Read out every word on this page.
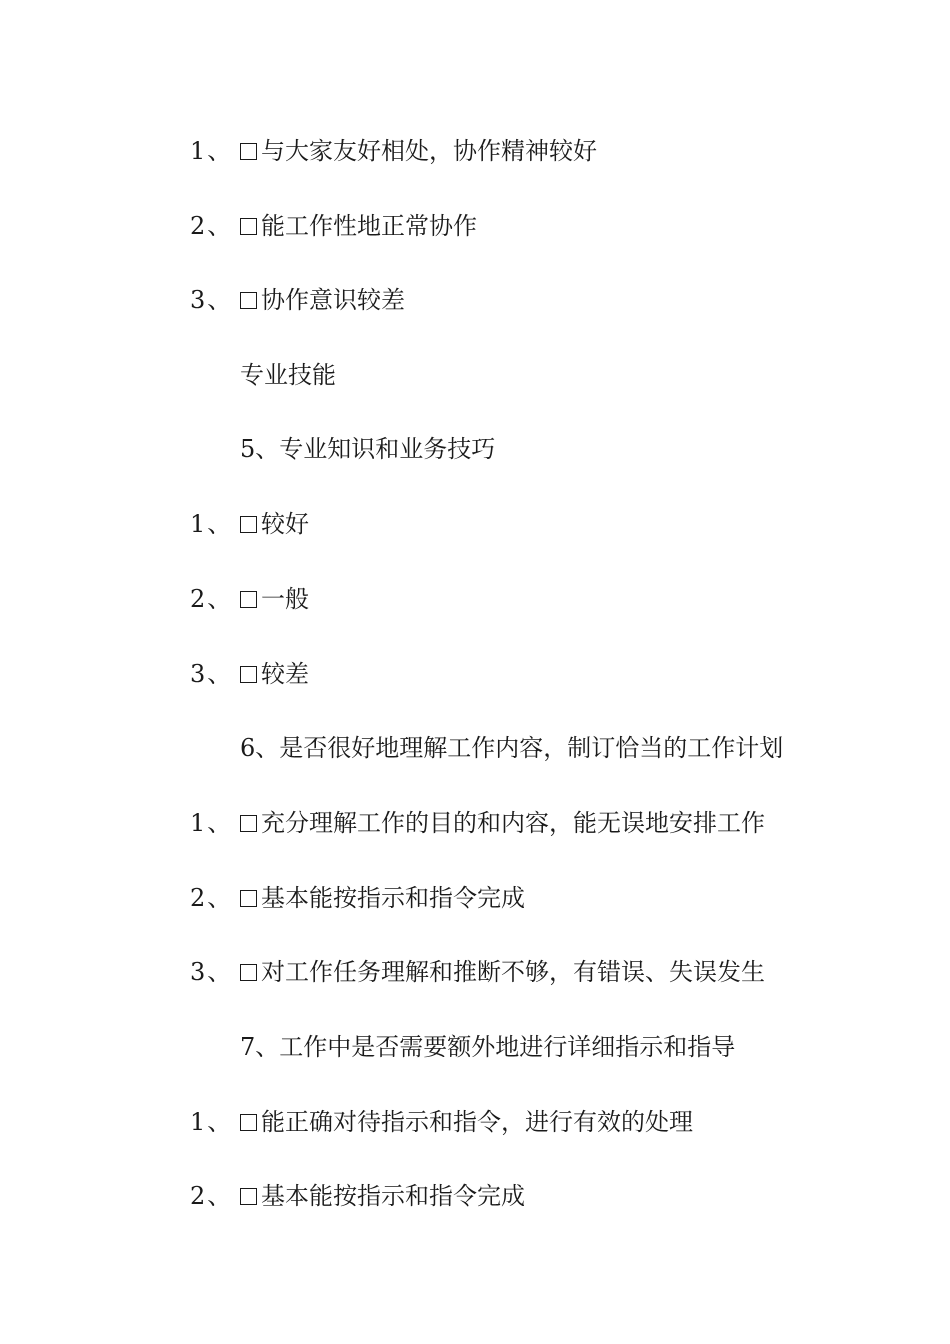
1、	与大家友好相处，协作精神较好
2、	能工作性地正常协作
3、	协作意识较差
专业技能
5、专业知识和业务技巧
1、	较好
2、	一般
3、	较差
6、是否很好地理解工作内容，制订恰当的工作计划
1、	充分理解工作的目的和内容，能无误地安排工作
2、	基本能按指示和指令完成
3、	对工作任务理解和推断不够，有错误、失误发生
7、工作中是否需要额外地进行详细指示和指导
1、	能正确对待指示和指令，进行有效的处理
2、	基本能按指示和指令完成
